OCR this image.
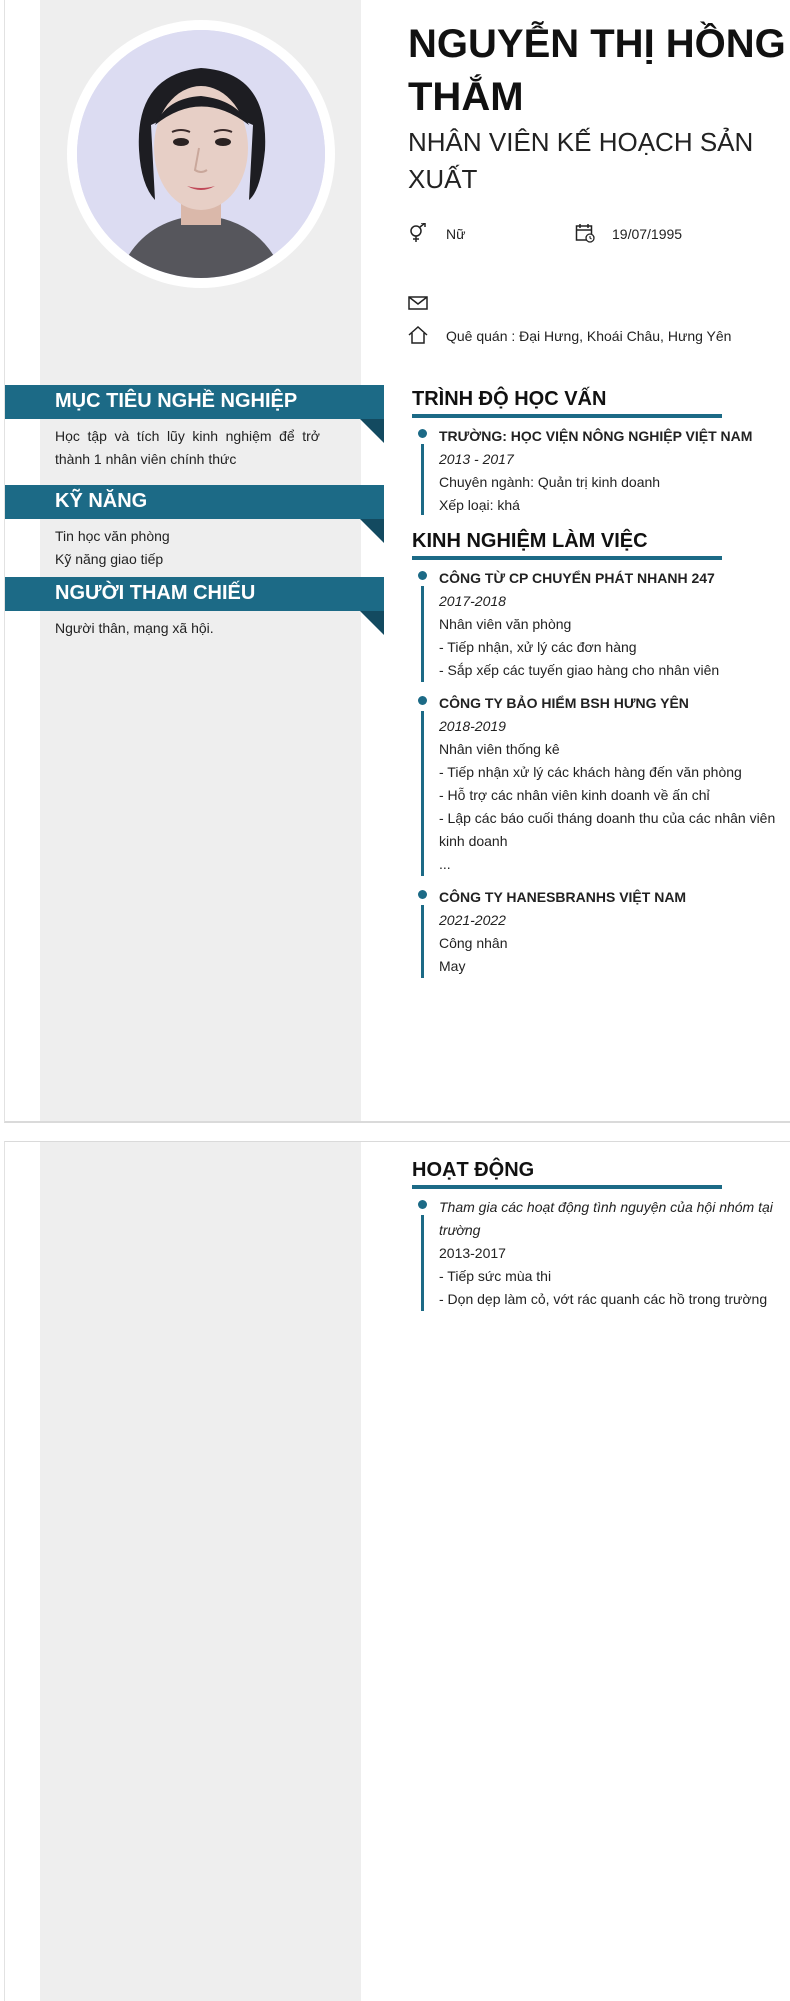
NGUYỄN THỊ HỒNG THẮM
NHÂN VIÊN KẾ HOẠCH SẢN XUẤT
Nữ	19/07/1995
Quê quán : Đại Hưng, Khoái Châu, Hưng Yên
MỤC TIÊU NGHỀ NGHIỆP
Học tập và tích lũy kinh nghiệm để trở
thành 1 nhân viên chính thức
KỸ NĂNG
Tin học văn phòng
Kỹ năng giao tiếp
NGƯỜI THAM CHIẾU
Người thân, mạng xã hội.
TRÌNH ĐỘ HỌC VẤN
TRƯỜNG: HỌC VIỆN NÔNG NGHIỆP VIỆT NAM
2013 - 2017
Chuyên ngành: Quản trị kinh doanh
Xếp loại: khá
KINH NGHIỆM LÀM VIỆC
CÔNG TỪ CP CHUYỂN PHÁT NHANH 247
2017-2018
Nhân viên văn phòng
- Tiếp nhận, xử lý các đơn hàng
- Sắp xếp các tuyến giao hàng cho nhân viên
CÔNG TY BẢO HIỂM BSH HƯNG YÊN
2018-2019
Nhân viên thống kê
- Tiếp nhận xử lý các khách hàng đến văn phòng
- Hỗ trợ các nhân viên kinh doanh về ấn chỉ
- Lập các báo cuối tháng doanh thu của các nhân viên
kinh doanh
...
CÔNG TY HANESBRANHS VIỆT NAM
2021-2022
Công nhân
May
HOẠT ĐỘNG
Tham gia các hoạt động tình nguyện của hội nhóm tại
trường
2013-2017
- Tiếp sức mùa thi
- Dọn dẹp làm cỏ, vớt rác quanh các hồ trong trường
